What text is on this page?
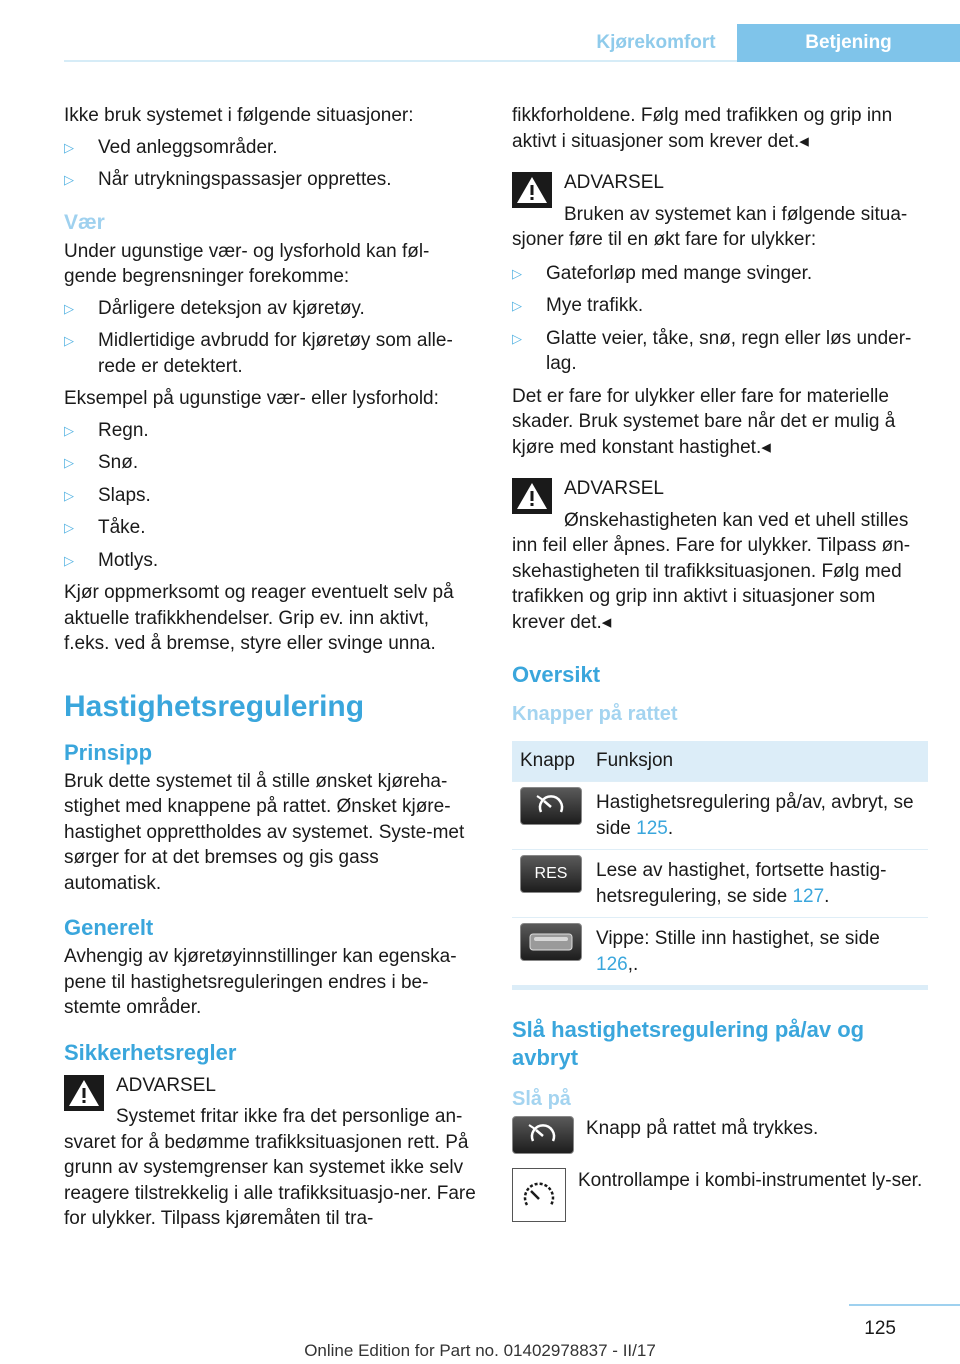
Kjørekomfort	Betjening

Ikke bruk systemet i følgende situasjoner:

▷	Ved anleggsområder.
▷	Når utrykningspassasjer opprettes.
Vær

Under ugunstige vær- og lysforhold kan føl-gende begrensninger forekomme:

▷	Dårligere deteksjon av kjøretøy.
▷	Midlertidige avbrudd for kjøretøy som alle-rede er detektert.

Eksempel på ugunstige vær- eller lysforhold:

▷	Regn.
▷	Snø.
▷	Slaps.
▷	Tåke.
▷	Motlys.

Kjør oppmerksomt og reager eventuelt selv på aktuelle trafikkhendelser. Grip ev. inn aktivt, f.eks. ved å bremse, styre eller svinge unna.

Hastighetsregulering
Prinsipp

Bruk dette systemet til å stille ønsket kjøreha-stighet med knappene på rattet. Ønsket kjøre-hastighet opprettholdes av systemet. Syste-met sørger for at det bremses og gis gass automatisk.

Generelt

Avhengig av kjøretøyinnstillinger kan egenska-pene til hastighetsreguleringen endres i be-stemte områder.

Sikkerhetsregler

ADVARSEL

Systemet fritar ikke fra det personlige an-

svaret for å bedømme trafikksituasjonen rett. På grunn av systemgrenser kan systemet ikke selv reagere tilstrekkelig i alle trafikksituasjo-ner. Fare for ulykker. Tilpass kjøremåten til tra-

fikkforholdene. Følg med trafikken og grip inn aktivt i situasjoner som krever det.◂

ADVARSEL

Bruken av systemet kan i følgende situa-

sjoner føre til en økt fare for ulykker:

▷	Gateforløp med mange svinger.
▷	Mye trafikk.
▷	Glatte veier, tåke, snø, regn eller løs under-lag.

Det er fare for ulykker eller fare for materielle skader. Bruk systemet bare når det er mulig å kjøre med konstant hastighet.◂

ADVARSEL

Ønskehastigheten kan ved et uhell stilles

inn feil eller åpnes. Fare for ulykker. Tilpass øn-skehastigheten til trafikksituasjonen. Følg med trafikken og grip inn aktivt i situasjoner som krever det.◂

Oversikt
Knapper på rattet
Knapp	Funksjon
Hastighetsregulering på/av, avbryt, se side 125.
RES	Lese av hastighet, fortsette hastig-hetsregulering, se side 127.
Vippe: Stille inn hastighet, se side 126,.
Slå hastighetsregulering på/av og avbryt
Slå på

Knapp på rattet må trykkes.

Kontrollampe i kombi-instrumentet ly-ser.

125
Online Edition for Part no. 01402978837 - II/17
